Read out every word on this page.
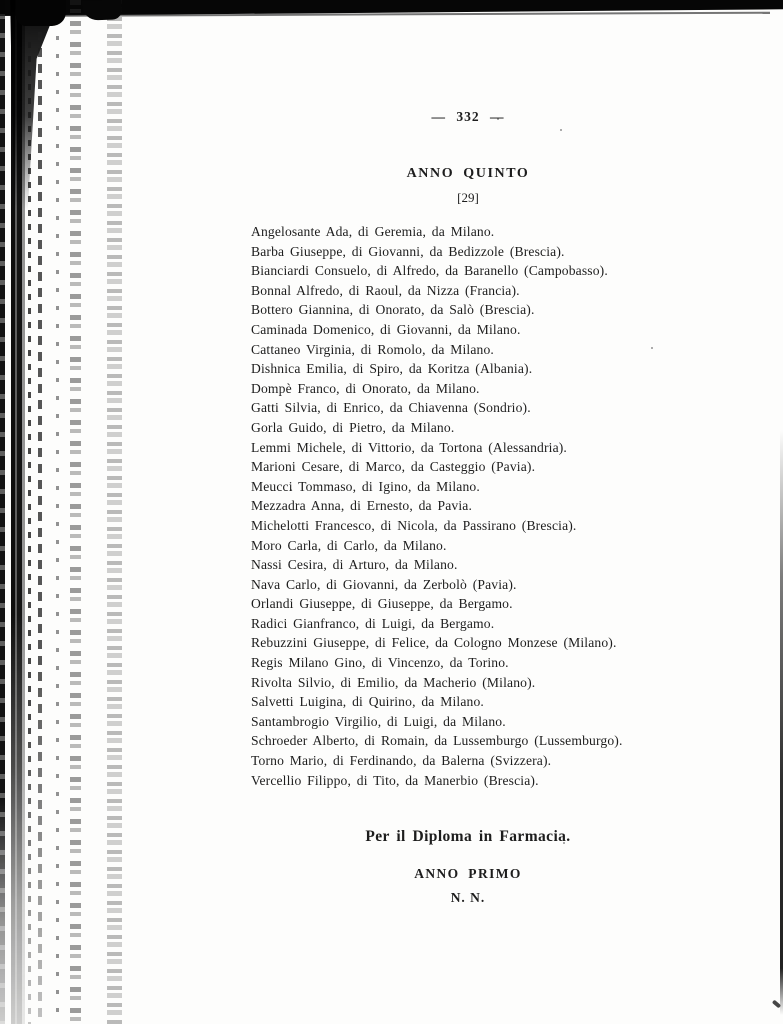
— 332 —
ANNO QUINTO
[29]
Angelosante Ada, di Geremia, da Milano.
Barba Giuseppe, di Giovanni, da Bedizzole (Brescia).
Bianciardi Consuelo, di Alfredo, da Baranello (Campobasso).
Bonnal Alfredo, di Raoul, da Nizza (Francia).
Bottero Giannina, di Onorato, da Salò (Brescia).
Caminada Domenico, di Giovanni, da Milano.
Cattaneo Virginia, di Romolo, da Milano.
Dishnica Emilia, di Spiro, da Koritza (Albania).
Dompè Franco, di Onorato, da Milano.
Gatti Silvia, di Enrico, da Chiavenna (Sondrio).
Gorla Guido, di Pietro, da Milano.
Lemmi Michele, di Vittorio, da Tortona (Alessandria).
Marioni Cesare, di Marco, da Casteggio (Pavia).
Meucci Tommaso, di Igino, da Milano.
Mezzadra Anna, di Ernesto, da Pavia.
Michelotti Francesco, di Nicola, da Passirano (Brescia).
Moro Carla, di Carlo, da Milano.
Nassi Cesira, di Arturo, da Milano.
Nava Carlo, di Giovanni, da Zerbolò (Pavia).
Orlandi Giuseppe, di Giuseppe, da Bergamo.
Radici Gianfranco, di Luigi, da Bergamo.
Rebuzzini Giuseppe, di Felice, da Cologno Monzese (Milano).
Regis Milano Gino, di Vincenzo, da Torino.
Rivolta Silvio, di Emilio, da Macherio (Milano).
Salvetti Luigina, di Quirino, da Milano.
Santambrogio Virgilio, di Luigi, da Milano.
Schroeder Alberto, di Romain, da Lussemburgo (Lussemburgo).
Torno Mario, di Ferdinando, da Balerna (Svizzera).
Vercellio Filippo, di Tito, da Manerbio (Brescia).
Per il Diploma in Farmacia.
ANNO PRIMO
N. N.
